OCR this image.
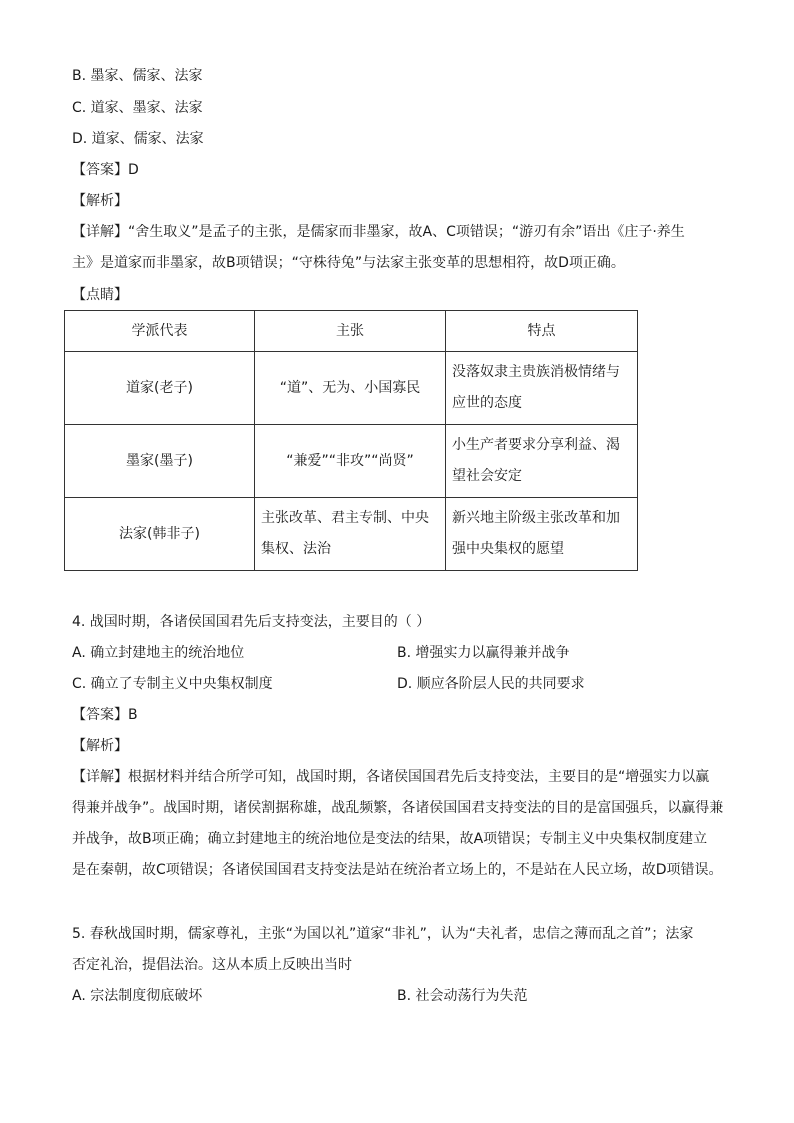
B. 墨家、儒家、法家
C. 道家、墨家、法家
D. 道家、儒家、法家
【答案】D
【解析】
【详解】“舍生取义”是孟子的主张，是儒家而非墨家，故A、C项错误；“游刃有余”语出《庄子·养生
主》是道家而非墨家，故B项错误；“守株待兔”与法家主张变革的思想相符，故D项正确。
【点睛】
学派代表	主张	特点
道家(老子)	“道”、无为、小国寡民	没落奴隶主贵族消极情绪与应世的态度
墨家(墨子)	“兼爱”“非攻”“尚贤”	小生产者要求分享利益、渴望社会安定
法家(韩非子)	主张改革、君主专制、中央集权、法治	新兴地主阶级主张改革和加强中央集权的愿望
4. 战国时期，各诸侯国国君先后支持变法，主要目的（ ）
A. 确立封建地主的统治地位	B. 增强实力以赢得兼并战争
C. 确立了专制主义中央集权制度	D. 顺应各阶层人民的共同要求
【答案】B
【解析】
【详解】根据材料并结合所学可知，战国时期，各诸侯国国君先后支持变法，主要目的是“增强实力以赢
得兼并战争”。战国时期，诸侯割据称雄，战乱频繁，各诸侯国国君支持变法的目的是富国强兵，以赢得兼
并战争，故B项正确；确立封建地主的统治地位是变法的结果，故A项错误；专制主义中央集权制度建立
是在秦朝，故C项错误；各诸侯国国君支持变法是站在统治者立场上的，不是站在人民立场，故D项错误。
5. 春秋战国时期，儒家尊礼，主张“为国以礼”道家“非礼”，认为“夫礼者，忠信之薄而乱之首”；法家
否定礼治，提倡法治。这从本质上反映出当时
A. 宗法制度彻底破坏	B. 社会动荡行为失范
